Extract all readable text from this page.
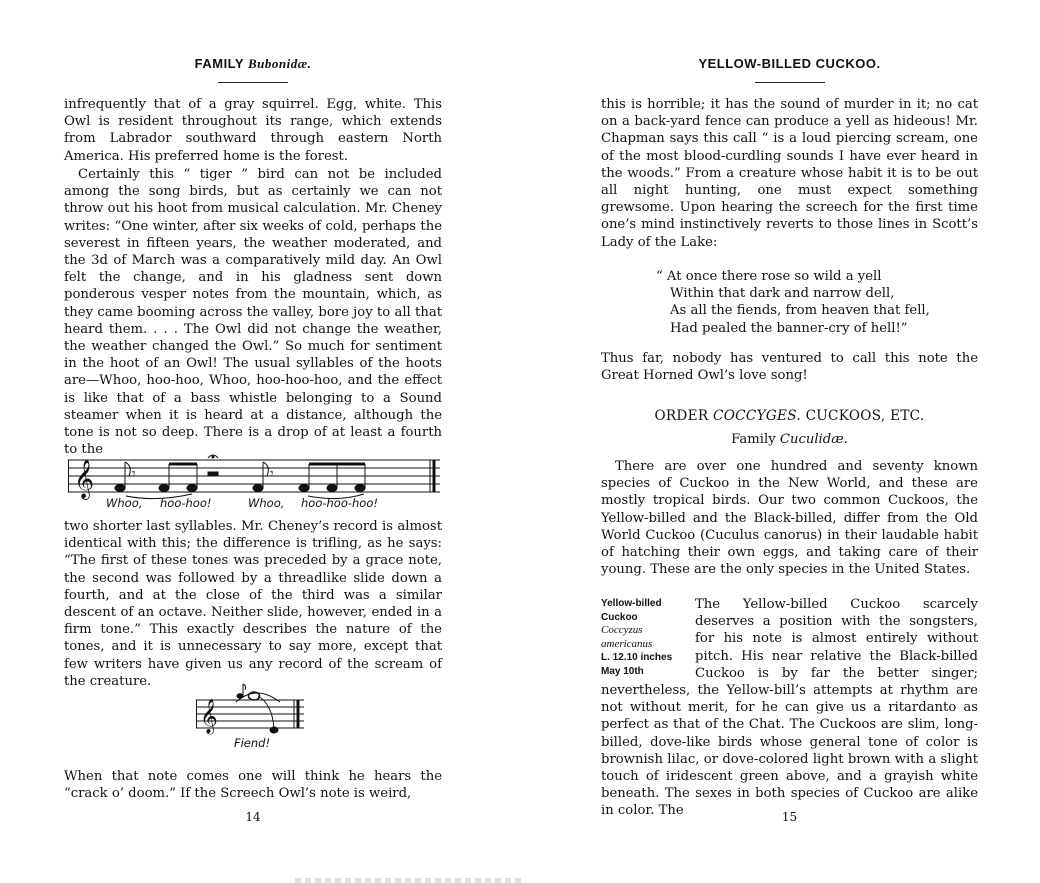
FAMILY Bubonidæ.

infrequently that of a gray squirrel. Egg, white. This Owl is resident throughout its range, which extends from Labrador southward through eastern North America. His preferred home is the forest.

Certainly this “ tiger ” bird can not be included among the song birds, but as certainly we can not throw out his hoot from musical calculation. Mr. Cheney writes: “One winter, after six weeks of cold, perhaps the severest in fifteen years, the weather moderated, and the 3d of March was a comparatively mild day. An Owl felt the change, and in his gladness sent down ponderous vesper notes from the mountain, which, as they came booming across the valley, bore joy to all that heard them. . . . The Owl did not change the weather, the weather changed the Owl.” So much for sentiment in the hoot of an Owl! The usual syllables of the hoots are—Whoo, hoo-hoo, Whoo, hoo-hoo-hoo, and the effect is like that of a bass whistle belonging to a Sound steamer when it is heard at a distance, although the tone is not so deep. There is a drop of at least a fourth to the

𝄞	𝄾	𝄾
Whoo, hoo-hoo!	Whoo, hoo-hoo-hoo!

two shorter last syllables. Mr. Cheney’s record is almost identical with this; the difference is trifling, as he says: “The first of these tones was preceded by a grace note, the second was followed by a threadlike slide down a fourth, and at the close of the third was a similar descent of an octave. Neither slide, however, ended in a firm tone.” This exactly describes the nature of the tones, and it is unnecessary to say more, except that few writers have given us any record of the scream of the creature.

𝄞
Fiend!

When that note comes one will think he hears the “crack o’ doom.” If the Screech Owl’s note is weird,

14
YELLOW-BILLED CUCKOO.

this is horrible; it has the sound of murder in it; no cat on a back-yard fence can produce a yell as hideous! Mr. Chapman says this call “ is a loud piercing scream, one of the most blood-curdling sounds I have ever heard in the woods.” From a creature whose habit it is to be out all night hunting, one must expect something grewsome. Upon hearing the screech for the first time one’s mind instinctively reverts to those lines in Scott’s Lady of the Lake:

“ At once there rose so wild a yell
Within that dark and narrow dell,
As all the fiends, from heaven that fell,
Had pealed the banner-cry of hell!”

Thus far, nobody has ventured to call this note the Great Horned Owl’s love song!

ORDER COCCYGES. CUCKOOS, ETC.
Family Cuculidæ.

There are over one hundred and seventy known species of Cuckoo in the New World, and these are mostly tropical birds. Our two common Cuckoos, the Yellow-billed and the Black-billed, differ from the Old World Cuckoo (Cuculus canorus) in their laudable habit of hatching their own eggs, and taking care of their young. These are the only species in the United States.

Yellow-billed Cuckoo
Coccyzus americanus
L. 12.10 inches
May 10th
The Yellow-billed Cuckoo scarcely deserves a position with the songsters, for his note is almost entirely without pitch. His near relative the Black-billed Cuckoo is by far the better singer; nevertheless, the Yellow-bill’s attempts at rhythm are not without merit, for he can give us a ritardanto as perfect as that of the Chat. The Cuckoos are slim, long-billed, dove-like birds whose general tone of color is brownish lilac, or dove-colored light brown with a slight touch of iridescent green above, and a grayish white beneath. The sexes in both species of Cuckoo are alike in color. The	15
